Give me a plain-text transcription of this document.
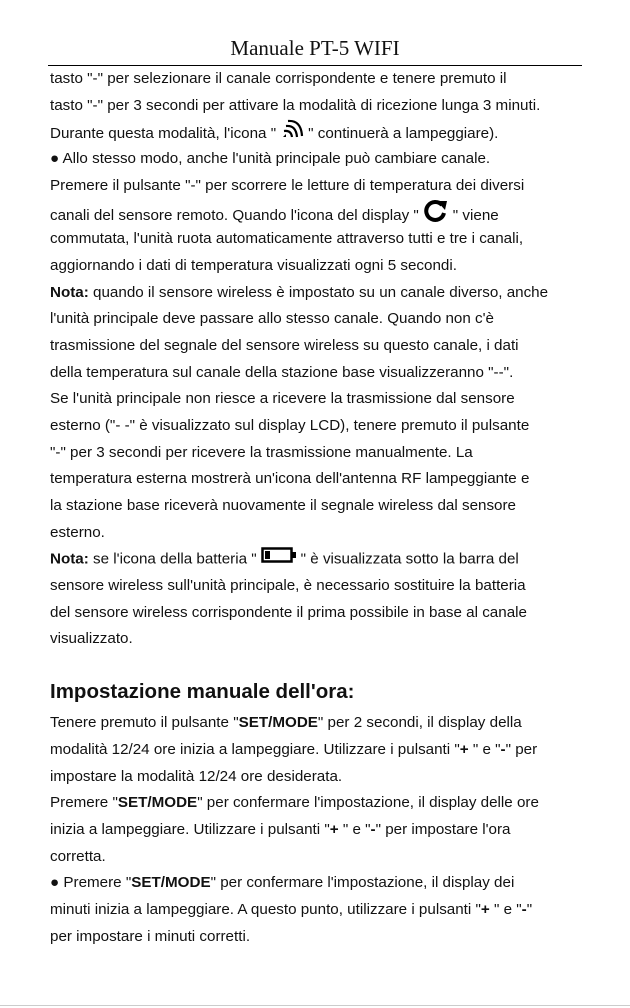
Manuale PT-5 WIFI
tasto "-" per selezionare il canale corrispondente e tenere premuto il
tasto "-" per 3 secondi per attivare la modalità di ricezione lunga 3 minuti.
Durante questa modalità, l'icona " " continuerà a lampeggiare).
● Allo stesso modo, anche l'unità principale può cambiare canale.
Premere il pulsante "-" per scorrere le letture di temperatura dei diversi
canali del sensore remoto. Quando l'icona del display " " viene
commutata, l'unità ruota automaticamente attraverso tutti e tre i canali,
aggiornando i dati di temperatura visualizzati ogni 5 secondi.
Nota: quando il sensore wireless è impostato su un canale diverso, anche
l'unità principale deve passare allo stesso canale. Quando non c'è
trasmissione del segnale del sensore wireless su questo canale, i dati
della temperatura sul canale della stazione base visualizzeranno "--".
Se l'unità principale non riesce a ricevere la trasmissione dal sensore
esterno ("- -" è visualizzato sul display LCD), tenere premuto il pulsante
"-" per 3 secondi per ricevere la trasmissione manualmente. La
temperatura esterna mostrerà un'icona dell'antenna RF lampeggiante e
la stazione base riceverà nuovamente il segnale wireless dal sensore
esterno.
Nota: se l'icona della batteria "	" è visualizzata sotto la barra del
sensore wireless sull'unità principale, è necessario sostituire la batteria
del sensore wireless corrispondente il prima possibile in base al canale
visualizzato.
Impostazione manuale dell'ora:
Tenere premuto il pulsante "SET/MODE" per 2 secondi, il display della
modalità 12/24 ore inizia a lampeggiare. Utilizzare i pulsanti "+ " e "-" per
impostare la modalità 12/24 ore desiderata.
Premere "SET/MODE" per confermare l'impostazione, il display delle ore
inizia a lampeggiare. Utilizzare i pulsanti "+ " e "-" per impostare l'ora
corretta.
● Premere "SET/MODE" per confermare l'impostazione, il display dei
minuti inizia a lampeggiare. A questo punto, utilizzare i pulsanti "+ " e "-"
per impostare i minuti corretti.
